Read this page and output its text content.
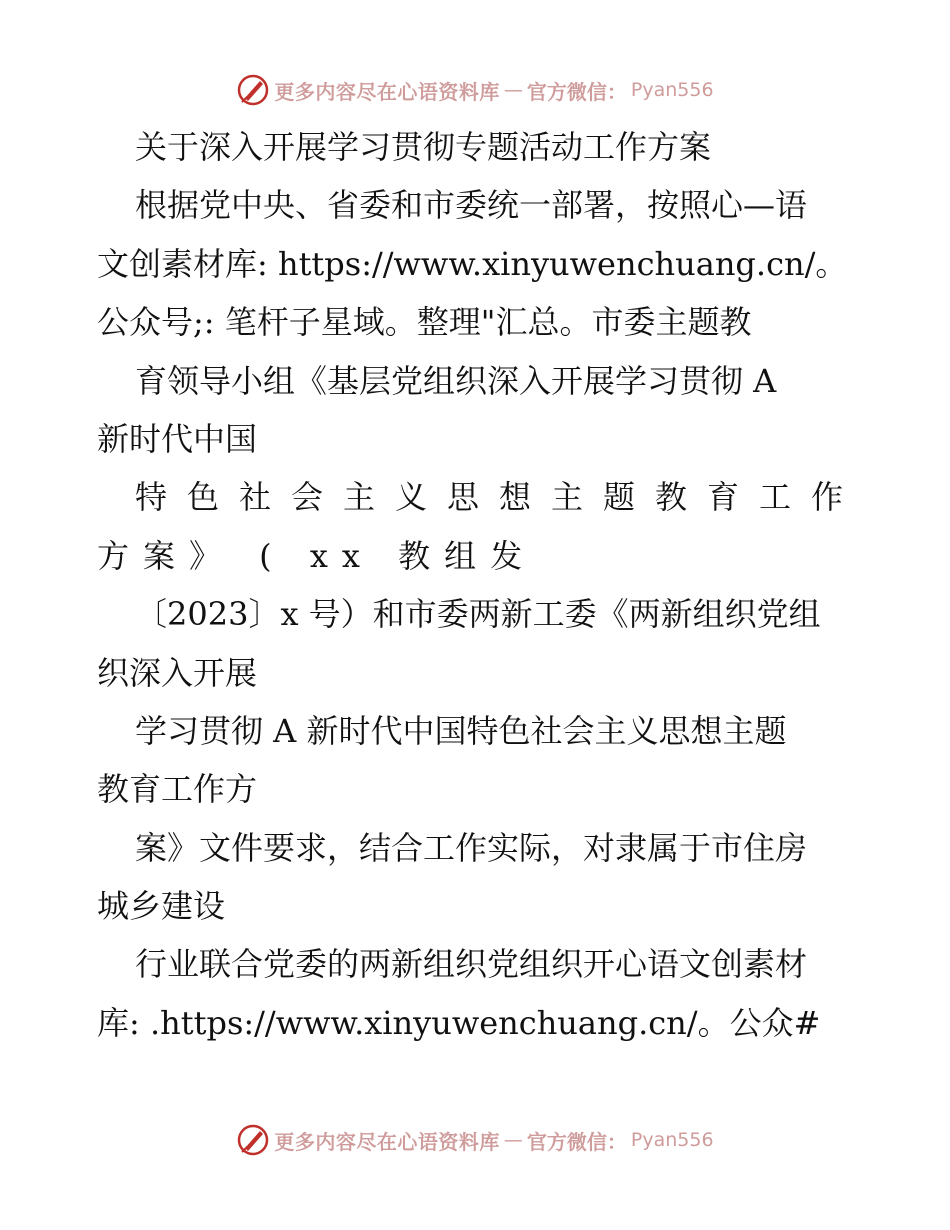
更多内容尽在心语资料库 — 官方微信： Pyan556
关于深入开展学习贯彻专题活动工作方案
根据党中央、省委和市委统一部署，按照心—语
文创素材库: https://www.xinyuwenchuang.cn/。
公众号;: 笔杆子星域。整理"汇总。市委主题教
育领导小组《基层党组织深入开展学习贯彻 A
新时代中国
特色社会主义思想主题教育工作
方案》 ( xx 教组发
〔2023〕x 号）和市委两新工委《两新组织党组
织深入开展
学习贯彻 A 新时代中国特色社会主义思想主题
教育工作方
案》文件要求，结合工作实际，对隶属于市住房
城乡建设
行业联合党委的两新组织党组织开心语文创素材
库: .https://www.xinyuwenchuang.cn/。公众#
更多内容尽在心语资料库 — 官方微信： Pyan556
